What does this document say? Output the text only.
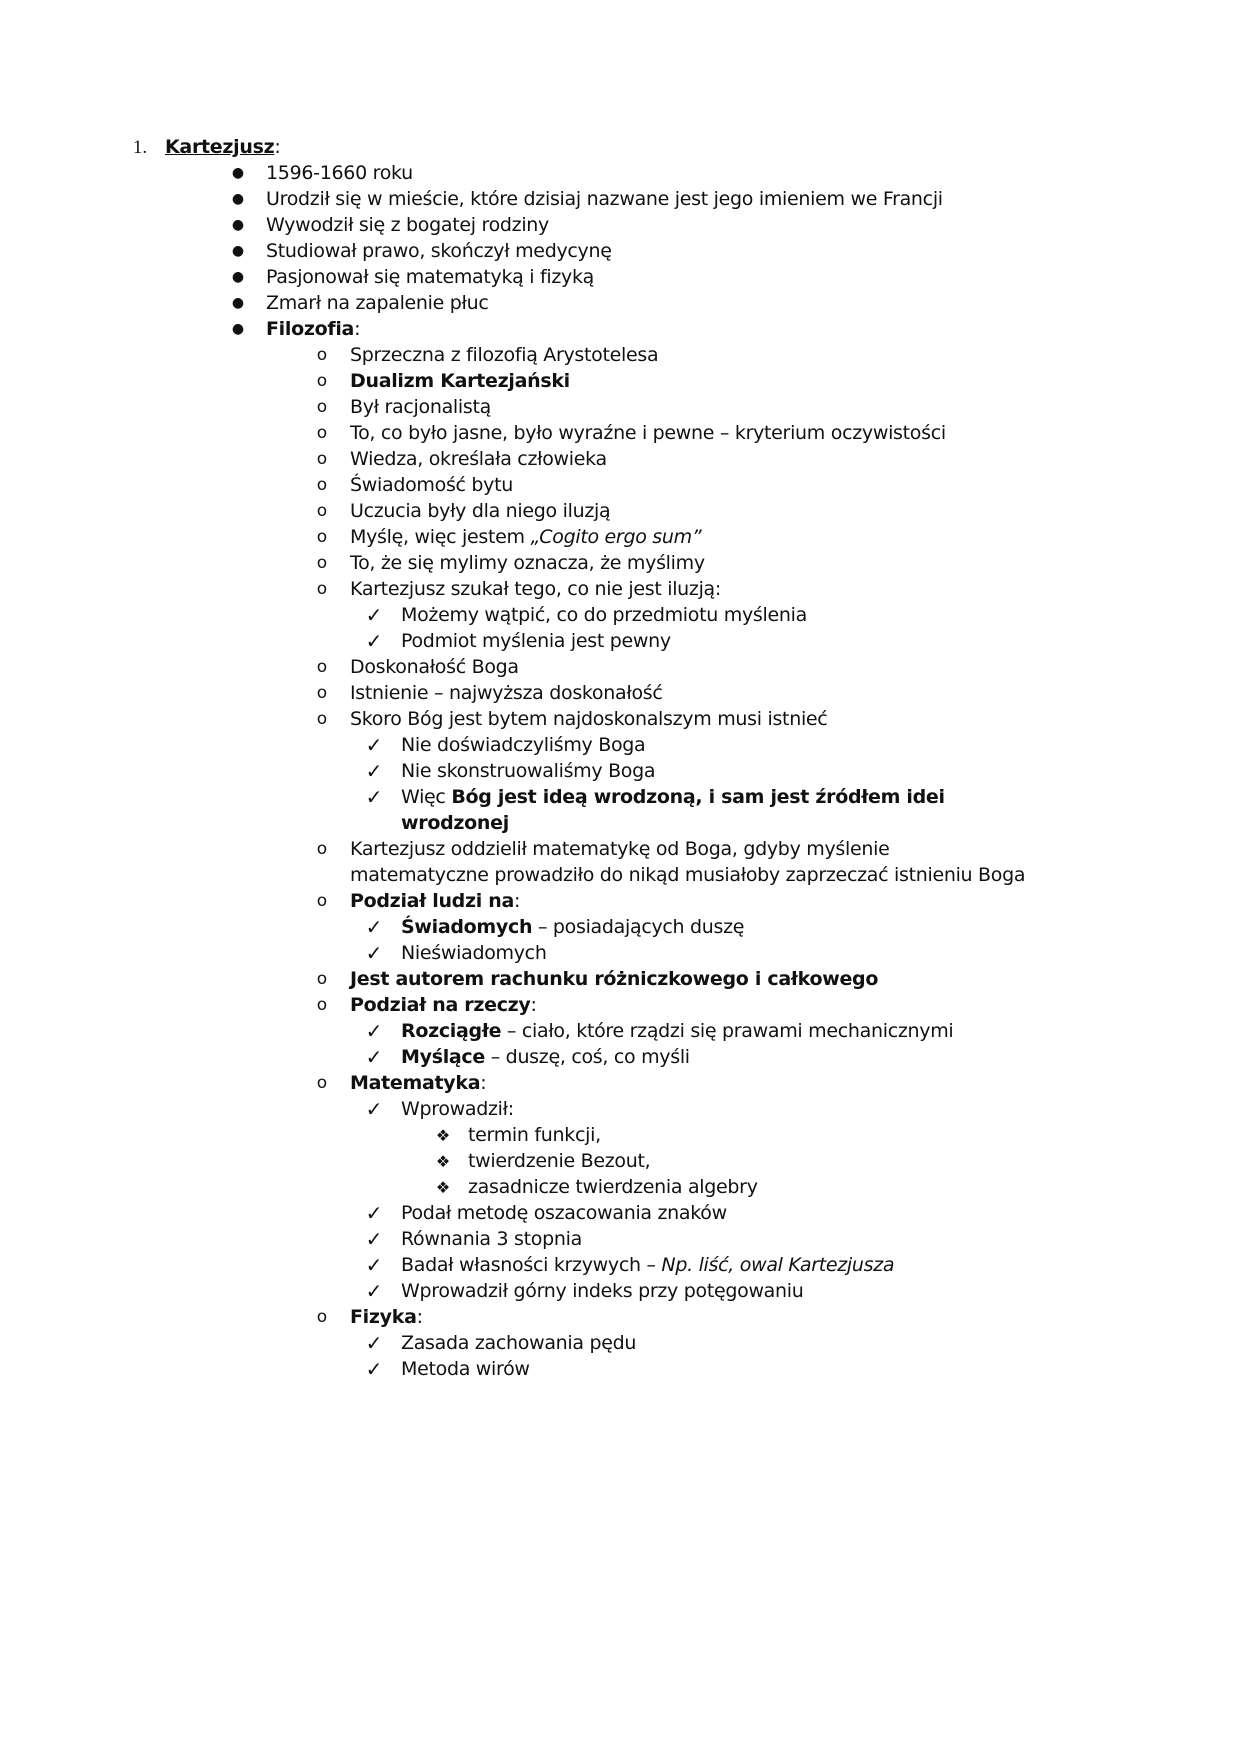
1. Kartezjusz:
●	1596-1660 roku
●	Urodził się w mieście, które dzisiaj nazwane jest jego imieniem we Francji
●	Wywodził się z bogatej rodziny
●	Studiował prawo, skończył medycynę
●	Pasjonował się matematyką i fizyką
●	Zmarł na zapalenie płuc
●	Filozofia:
o	Sprzeczna z filozofią Arystotelesa
o	Dualizm Kartezjański
o	Był racjonalistą
o	To, co było jasne, było wyraźne i pewne – kryterium oczywistości
o	Wiedza, określała człowieka
o	Świadomość bytu
o	Uczucia były dla niego iluzją
o	Myślę, więc jestem „Cogito ergo sum”
o	To, że się mylimy oznacza, że myślimy
o	Kartezjusz szukał tego, co nie jest iluzją:
✓ Możemy wątpić, co do przedmiotu myślenia
✓ Podmiot myślenia jest pewny
o	Doskonałość Boga
o	Istnienie – najwyższa doskonałość
o	Skoro Bóg jest bytem najdoskonalszym musi istnieć
✓ Nie doświadczyliśmy Boga
✓ Nie skonstruowaliśmy Boga
✓ Więc Bóg jest ideą wrodzoną, i sam jest źródłem idei
wrodzonej
o	Kartezjusz oddzielił matematykę od Boga, gdyby myślenie
matematyczne prowadziło do nikąd musiałoby zaprzeczać istnieniu Boga
o	Podział ludzi na:
✓ Świadomych – posiadających duszę
✓ Nieświadomych
o	Jest autorem rachunku różniczkowego i całkowego
o	Podział na rzeczy:
✓ Rozciągłe – ciało, które rządzi się prawami mechanicznymi
✓ Myślące – duszę, coś, co myśli
o	Matematyka:
✓ Wprowadził:
❖ termin funkcji,
❖ twierdzenie Bezout,
❖ zasadnicze twierdzenia algebry
✓ Podał metodę oszacowania znaków
✓ Równania 3 stopnia
✓ Badał własności krzywych – Np. liść, owal Kartezjusza
✓ Wprowadził górny indeks przy potęgowaniu
o	Fizyka:
✓ Zasada zachowania pędu
✓ Metoda wirów
